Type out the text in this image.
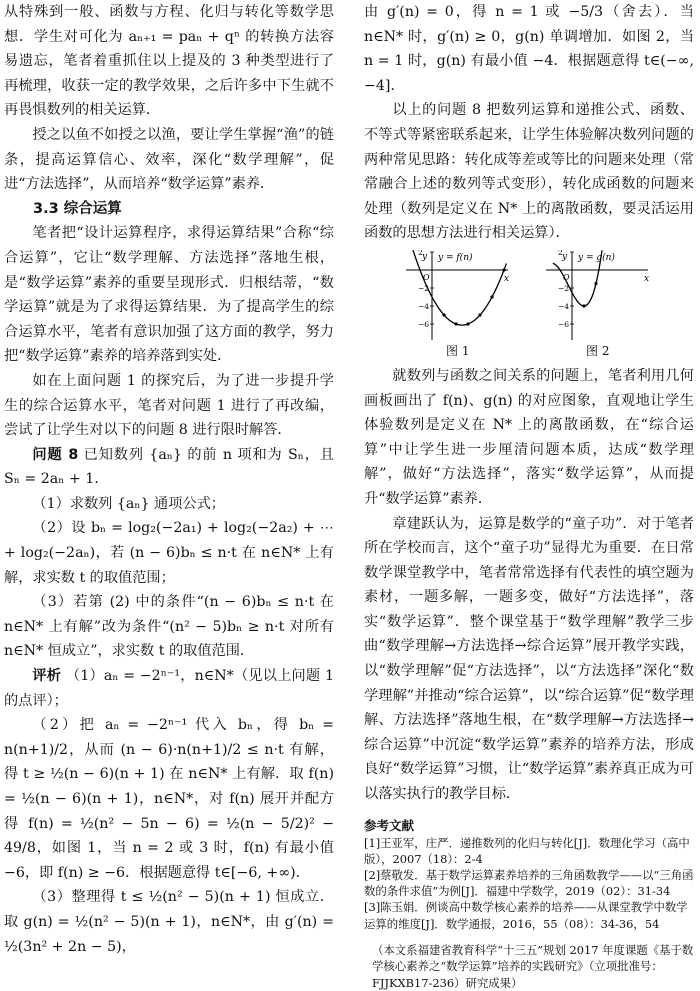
从特殊到一般、函数与方程、化归与转化等数学思想．学生对可化为 aₙ₊₁ = paₙ + qⁿ 的转换方法容易遗忘，笔者着重抓住以上提及的 3 种类型进行了再梳理，收获一定的教学效果，之后许多中下生就不再畏惧数列的相关运算．

授之以鱼不如授之以渔，要让学生掌握“渔”的链条，提高运算信心、效率，深化“数学理解”，促进“方法选择”，从而培养“数学运算”素养．

3.3 综合运算

笔者把“设计运算程序，求得运算结果”合称“综合运算”，它让“数学理解、方法选择”落地生根，是“数学运算”素养的重要呈现形式．归根结蒂，“数学运算”就是为了求得运算结果．为了提高学生的综合运算水平，笔者有意识加强了这方面的教学，努力把“数学运算”素养的培养落到实处．

如在上面问题 1 的探究后，为了进一步提升学生的综合运算水平，笔者对问题 1 进行了再改编，尝试了让学生对以下的问题 8 进行限时解答．

问题 8 已知数列 {aₙ} 的前 n 项和为 Sₙ，且 Sₙ = 2aₙ + 1．

（1）求数列 {aₙ} 通项公式；

（2）设 bₙ = log₂(−2a₁) + log₂(−2a₂) + ⋯ + log₂(−2aₙ)，若 (n − 6)bₙ ≤ n·t 在 n∈N* 上有解，求实数 t 的取值范围；

（3）若第 (2) 中的条件“(n − 6)bₙ ≤ n·t 在 n∈N* 上有解”改为条件“(n² − 5)bₙ ≥ n·t 对所有 n∈N* 恒成立”，求实数 t 的取值范围．

评析 （1）aₙ = −2ⁿ⁻¹，n∈N*（见以上问题 1 的点评）；

（2）把 aₙ = −2ⁿ⁻¹ 代入 bₙ，得 bₙ = n(n+1)/2，从而 (n − 6)·n(n+1)/2 ≤ n·t 有解，得 t ≥ ½(n − 6)(n + 1) 在 n∈N* 上有解．取 f(n) = ½(n − 6)(n + 1)，n∈N*，对 f(n) 展开并配方得 f(n) = ½(n² − 5n − 6) = ½(n − 5/2)² − 49/8，如图 1，当 n = 2 或 3 时，f(n) 有最小值 −6，即 f(n) ≥ −6．根据题意得 t∈[−6, +∞)．

（3）整理得 t ≤ ½(n² − 5)(n + 1) 恒成立．取 g(n) = ½(n² − 5)(n + 1)，n∈N*，由 g′(n) = ½(3n² + 2n − 5)，

由 g′(n) = 0，得 n = 1 或 −5/3（舍去）．当 n∈N* 时，g′(n) ≥ 0，g(n) 单调增加．如图 2，当 n = 1 时，g(n) 有最小值 −4．根据题意得 t∈(−∞, −4]．

以上的问题 8 把数列运算和递推公式、函数、不等式等紧密联系起来，让学生体验解决数列问题的两种常见思路：转化成等差或等比的问题来处理（常常融合上述的数列等式变形），转化成函数的问题来处理（数列是定义在 N* 上的离散函数，要灵活运用函数的思想方法进行相关运算）．

x
y
O
2
−2
−4
−6
y = f(n)
图 1
x
y
O
2
−2
−4
−6
y = g(n)
图 2

就数列与函数之间关系的问题上，笔者利用几何画板画出了 f(n)、g(n) 的对应图象，直观地让学生体验数列是定义在 N* 上的离散函数，在“综合运算”中让学生进一步厘清问题本质，达成“数学理解”，做好“方法选择”，落实“数学运算”，从而提升“数学运算”素养．

章建跃认为，运算是数学的“童子功”．对于笔者所在学校而言，这个“童子功”显得尤为重要．在日常数学课堂教学中，笔者常常选择有代表性的填空题为素材，一题多解，一题多变，做好“方法选择”，落实“数学运算”．整个课堂基于“数学理解”教学三步曲“数学理解→方法选择→综合运算”展开教学实践，以“数学理解”促“方法选择”，以“方法选择”深化“数学理解”并推动“综合运算”，以“综合运算”促“数学理解、方法选择”落地生根，在“数学理解→方法选择→综合运算”中沉淀“数学运算”素养的培养方法，形成良好“数学运算”习惯，让“数学运算”素养真正成为可以落实执行的教学目标．

参考文献
[1]王亚军，庄严．递推数列的化归与转化[J]．数理化学习（高中版），2007（18）：2-4
[2]蔡敬发．基于数学运算素养培养的三角函数教学——以“三角函数的条件求值”为例[J]．福建中学数学，2019（02）：31-34
[3]陈玉娟．例谈高中数学核心素养的培养——从课堂教学中数学运算的维度[J]．数学通报，2016，55（08）：34-36，54
（本文系福建省教育科学“十三五”规划 2017 年度课题《基于数学核心素养之“数学运算”培养的实践研究》（立项批准号：FJJKXB17-236）研究成果）
